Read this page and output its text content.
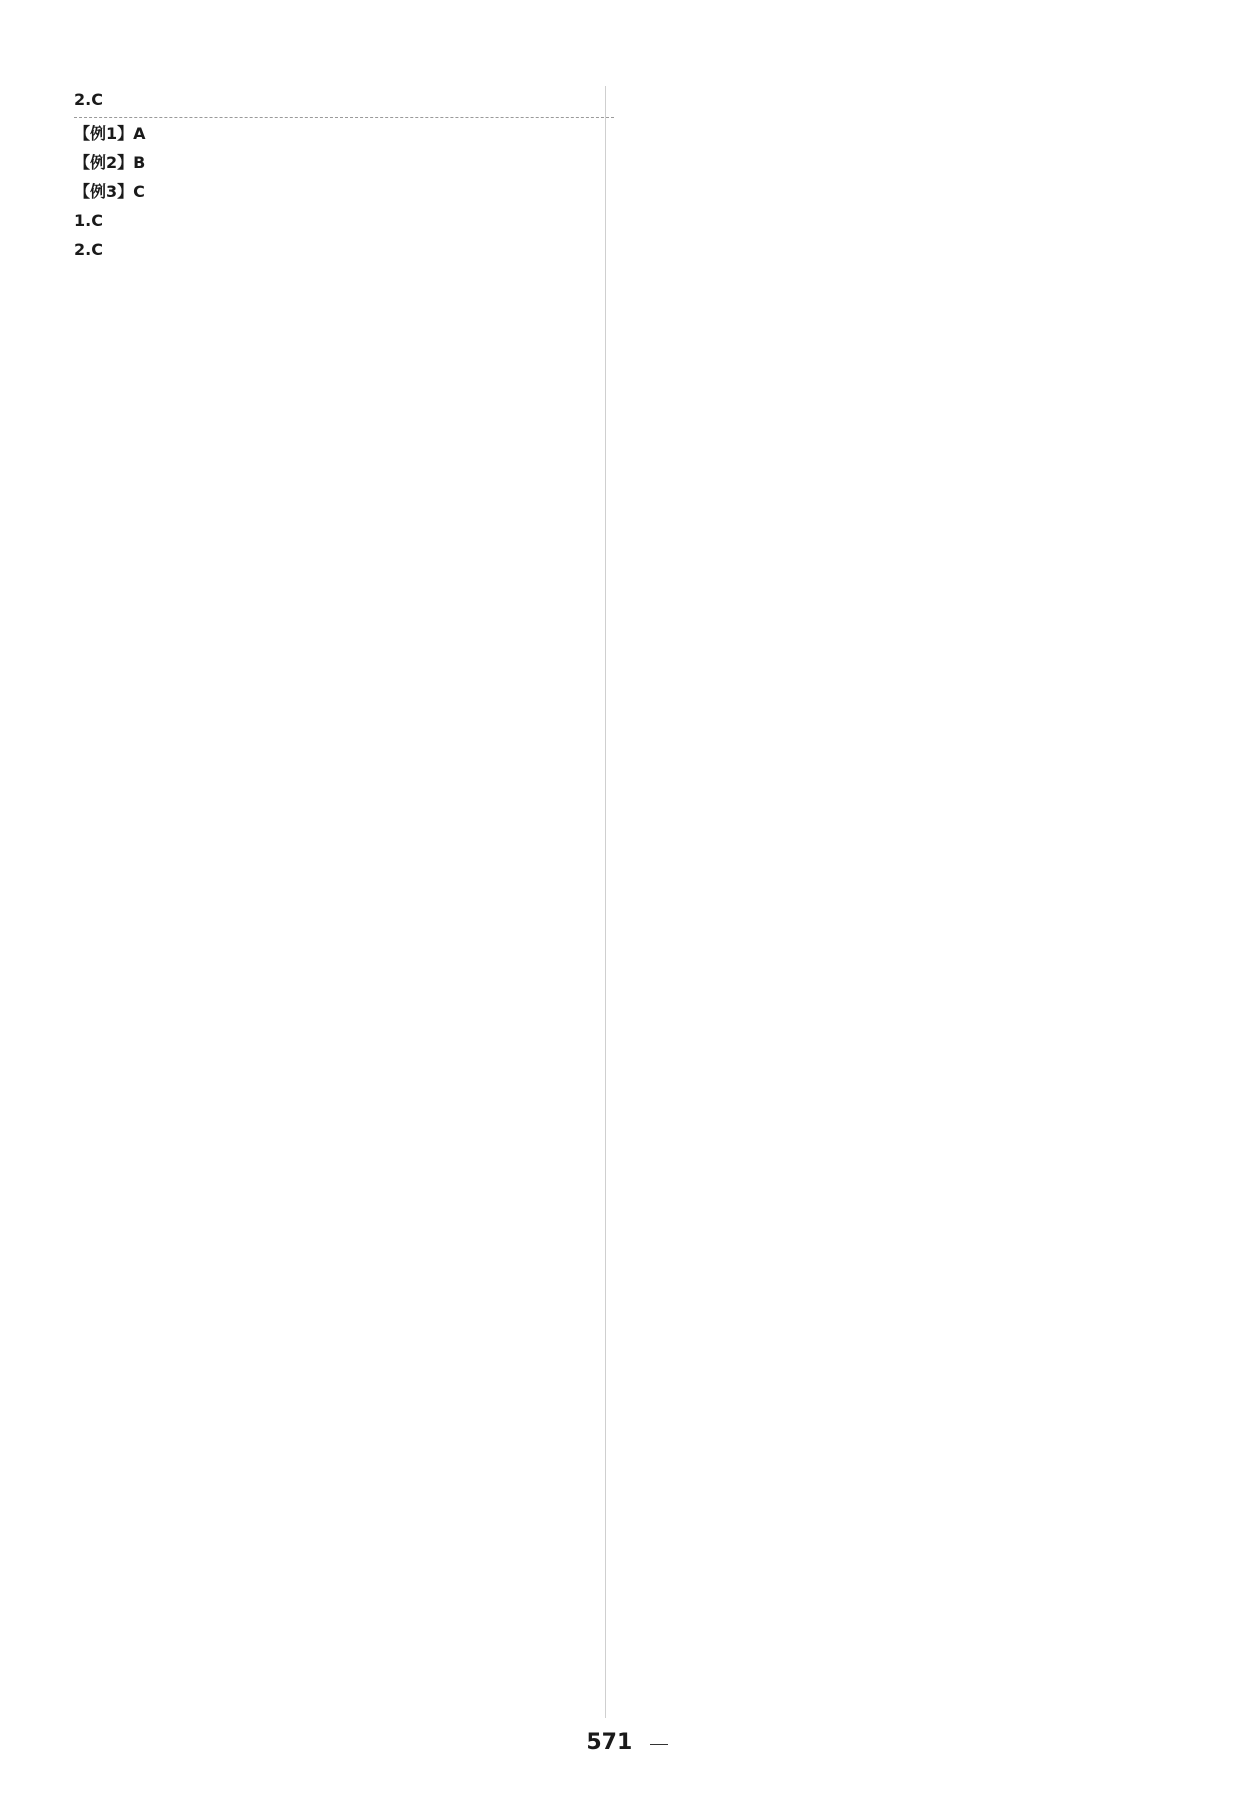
2.C

【例1】A

【例2】B

【例3】C

1.C

2.C

571
